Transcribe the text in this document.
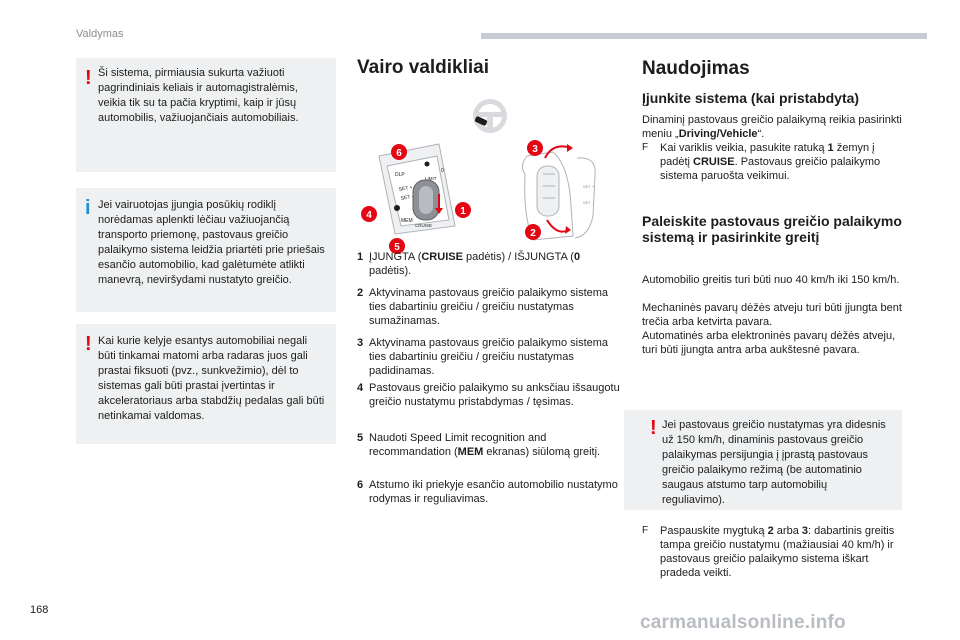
Valdymas
! Ši sistema, pirmiausia sukurta važiuoti pagrindiniais keliais ir automagistralėmis, veikia tik su ta pačia kryptimi, kaip ir jūsų automobilis, važiuojančiais automobiliais.
i Jei vairuotojas įjungia posūkių rodiklį norėdamas aplenkti lėčiau važiuojančią transporto priemonę, pastovaus greičio palaikymo sistema leidžia priartėti prie priešais esančio automobilio, kad galėtumėte atlikti manevrą, neviršydami nustatyto greičio.
! Kai kurie kelyje esantys automobiliai negali būti tinkamai matomi arba radaras juos gali prastai fiksuoti (pvz., sunkvežimio), dėl to sistemas gali būti prastai įvertintas ir akceleratoriaus arba stabdžių pedalas gali būti netinkamai valdomas.
Vairo valdikliai
DLP
SET +
SET -
LIMIT
MEM
CRUISE
0
SET +
SET -
6
4
5
1
3
2
1 ĮJUNGTA (CRUISE padėtis) / IŠJUNGTA (0 padėtis).
2 Aktyvinama pastovaus greičio palaikymo sistema ties dabartiniu greičiu / greičiu nustatymas sumažinamas.
3 Aktyvinama pastovaus greičio palaikymo sistema ties dabartiniu greičiu / greičiu nustatymas padidinamas.
4 Pastovaus greičio palaikymo su anksčiau išsaugotu greičio nustatymu pristabdymas / tęsimas.
5 Naudoti Speed Limit recognition and recommandation (MEM ekranas) siūlomą greitį.
6 Atstumo iki priekyje esančio automobilio nustatymo rodymas ir reguliavimas.
Naudojimas
Įjunkite sistema (kai pristabdyta)
Dinaminį pastovaus greičio palaikymą reikia pasirinkti meniu „Driving/Vehicle“.
F Kai variklis veikia, pasukite ratuką 1 žemyn į padėtį CRUISE. Pastovaus greičio palaikymo sistema paruošta veikimui.
Paleiskite pastovaus greičio palaikymo sistemą ir pasirinkite greitį
Automobilio greitis turi būti nuo 40 km/h iki 150 km/h.
Mechaninės pavarų dėžės atveju turi būti įjungta bent trečia arba ketvirta pavara.
Automatinės arba elektroninės pavarų dėžės atveju, turi būti įjungta antra arba aukštesnė pavara.
! Jei pastovaus greičio nustatymas yra didesnis už 150 km/h, dinaminis pastovaus greičio palaikymas persijungia į įprastą pastovaus greičio palaikymo režimą (be automatinio saugaus atstumo tarp automobilių reguliavimo).
F Paspauskite mygtuką 2 arba 3: dabartinis greitis tampa greičio nustatymu (mažiausiai 40 km/h) ir pastovaus greičio palaikymo sistema iškart pradeda veikti.
168
carmanualsonline.info
